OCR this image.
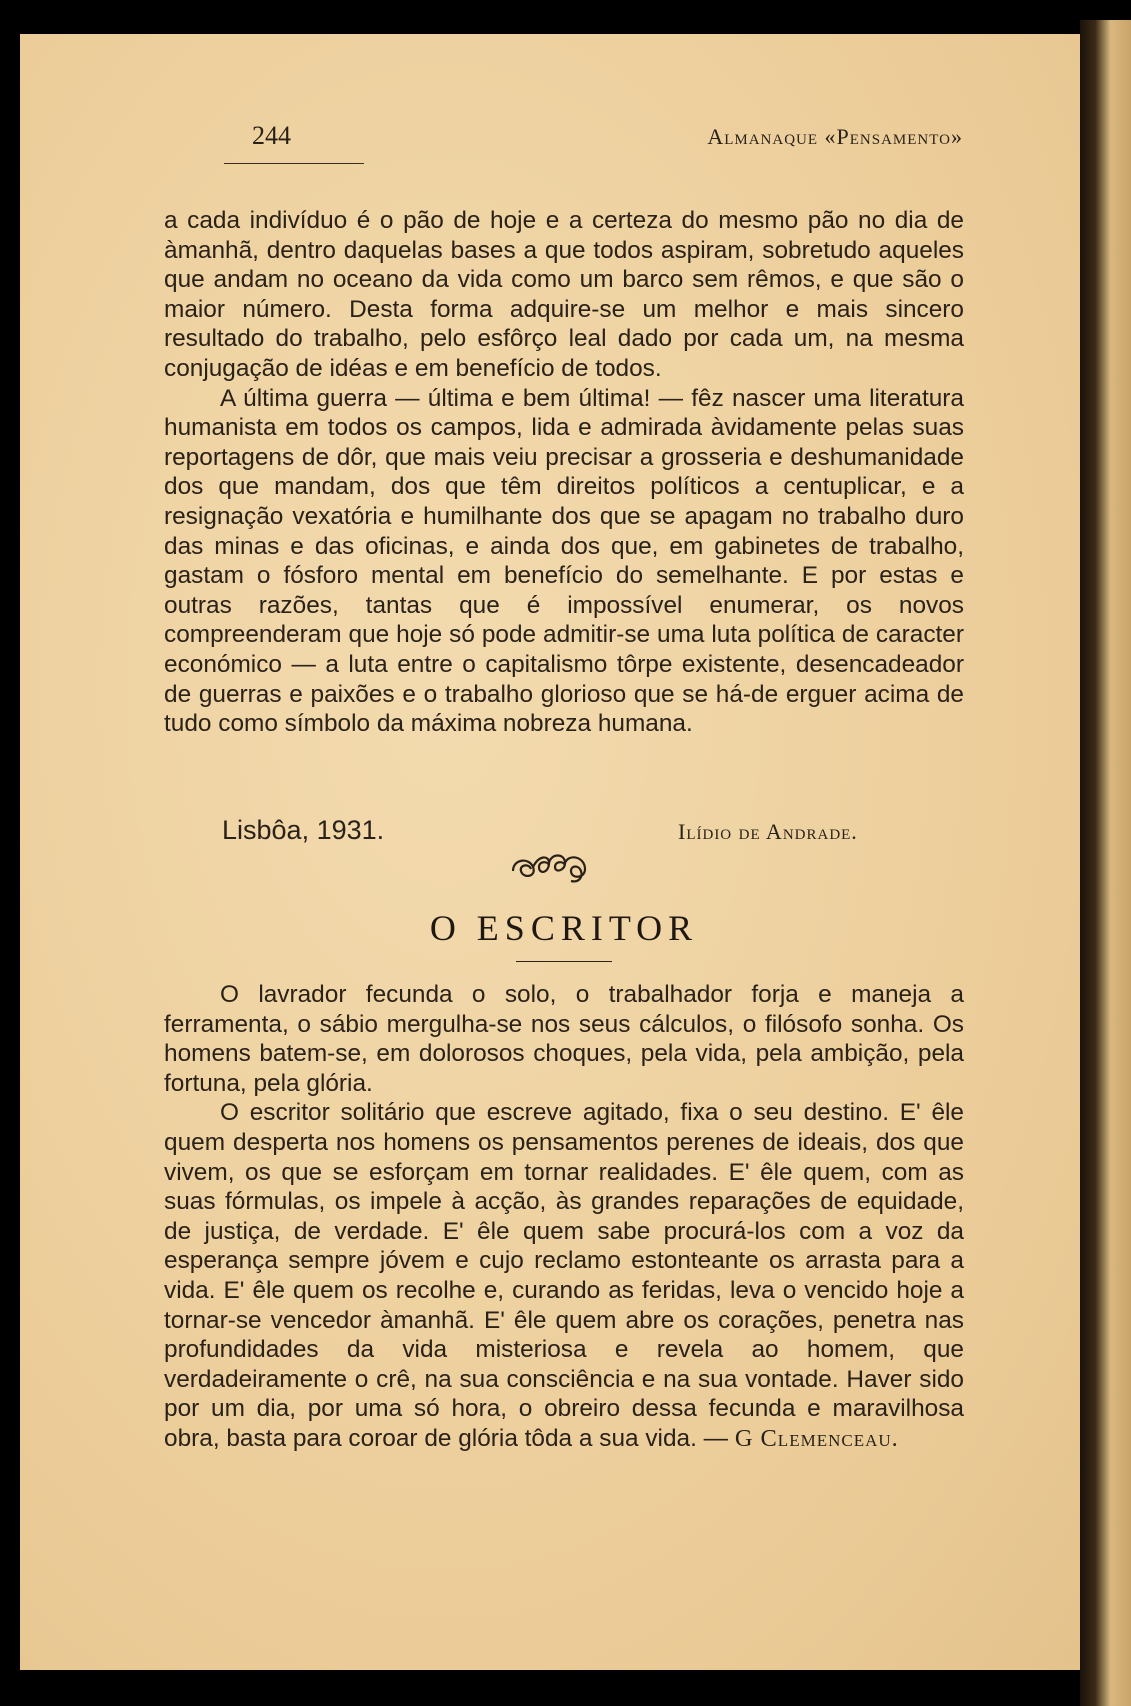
244	Almanaque «Pensamento»

a cada indivíduo é o pão de hoje e a certeza do mesmo pão no dia de àmanhã, dentro daquelas bases a que todos aspiram, sobretudo aqueles que andam no oceano da vida como um barco sem rêmos, e que são o maior número. Desta forma adquire-se um melhor e mais sincero resultado do trabalho, pelo esfôrço leal dado por cada um, na mesma conjugação de idéas e em benefício de todos.

A última guerra — última e bem última! — fêz nascer uma literatura humanista em todos os campos, lida e admirada àvidamente pelas suas reportagens de dôr, que mais veiu precisar a grosseria e deshumanidade dos que mandam, dos que têm direitos políticos a centuplicar, e a resignação vexatória e humilhante dos que se apagam no trabalho duro das minas e das oficinas, e ainda dos que, em gabinetes de trabalho, gastam o fósforo mental em benefício do semelhante. E por estas e outras razões, tantas que é impossível enumerar, os novos compreenderam que hoje só pode admitir-se uma luta política de caracter económico — a luta entre o capitalismo tôrpe existente, desencadeador de guerras e paixões e o trabalho glorioso que se há-de erguer acima de tudo como símbolo da máxima nobreza humana.

Lisbôa, 1931.	Ilídio de Andrade.
O ESCRITOR

O lavrador fecunda o solo, o trabalhador forja e maneja a ferramenta, o sábio mergulha-se nos seus cálculos, o filósofo sonha. Os homens batem-se, em dolorosos choques, pela vida, pela ambição, pela fortuna, pela glória.

O escritor solitário que escreve agitado, fixa o seu destino. E' êle quem desperta nos homens os pensamentos perenes de ideais, dos que vivem, os que se esforçam em tornar realidades. E' êle quem, com as suas fórmulas, os impele à acção, às grandes reparações de equidade, de justiça, de verdade. E' êle quem sabe procurá-los com a voz da esperança sempre jóvem e cujo reclamo estonteante os arrasta para a vida. E' êle quem os recolhe e, curando as feridas, leva o vencido hoje a tornar-se vencedor àmanhã. E' êle quem abre os corações, penetra nas profundidades da vida misteriosa e revela ao homem, que verdadeiramente o crê, na sua consciência e na sua vontade. Haver sido por um dia, por uma só hora, o obreiro dessa fecunda e maravilhosa obra, basta para coroar de glória tôda a sua vida. — G Clemenceau.
